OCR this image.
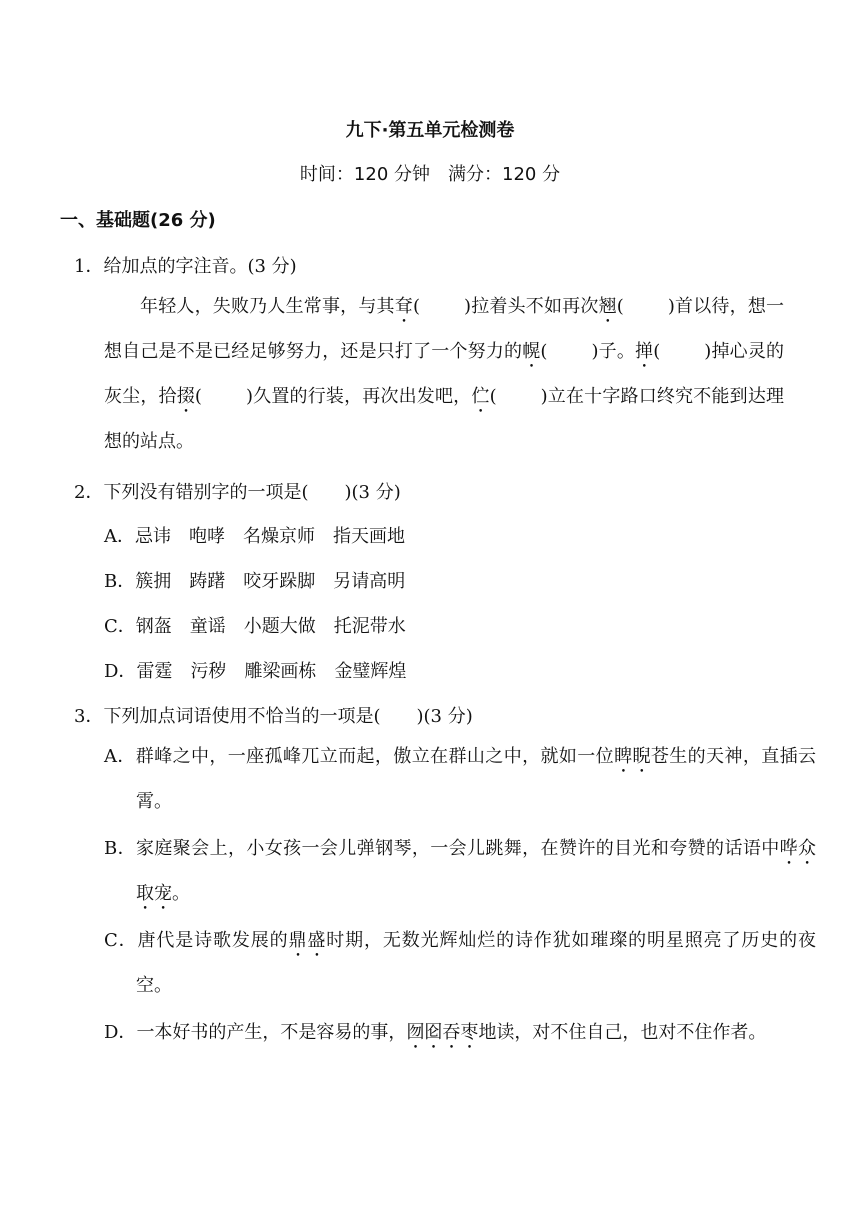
九下·第五单元检测卷
时间：120 分钟　满分：120 分
一、基础题(26 分)
1．给加点的字注音。(3 分)
年轻人，失败乃人生常事，与其耷( )拉着头不如再次翘( )首以待，想一想自己是不是已经足够努力，还是只打了一个努力的幌( )子。掸( )掉心灵的灰尘，拾掇( )久置的行装，再次出发吧，伫( )立在十字路口终究不能到达理想的站点。
2．下列没有错别字的一项是(　　)(3 分)
A．忌讳 咆哮 名燥京师 指天画地
B．簇拥 踌躇 咬牙跺脚 另请高明
C．钢盔 童谣 小题大做 托泥带水
D．雷霆 污秽 雕梁画栋 金璧辉煌
3．下列加点词语使用不恰当的一项是(　　)(3 分)
A．群峰之中，一座孤峰兀立而起，傲立在群山之中，就如一位睥睨苍生的天神，直插云霄。
B．家庭聚会上，小女孩一会儿弹钢琴，一会儿跳舞，在赞许的目光和夸赞的话语中哗众取宠。
C．唐代是诗歌发展的鼎盛时期，无数光辉灿烂的诗作犹如璀璨的明星照亮了历史的夜空。
D．一本好书的产生，不是容易的事，囫囵吞枣地读，对不住自己，也对不住作者。
